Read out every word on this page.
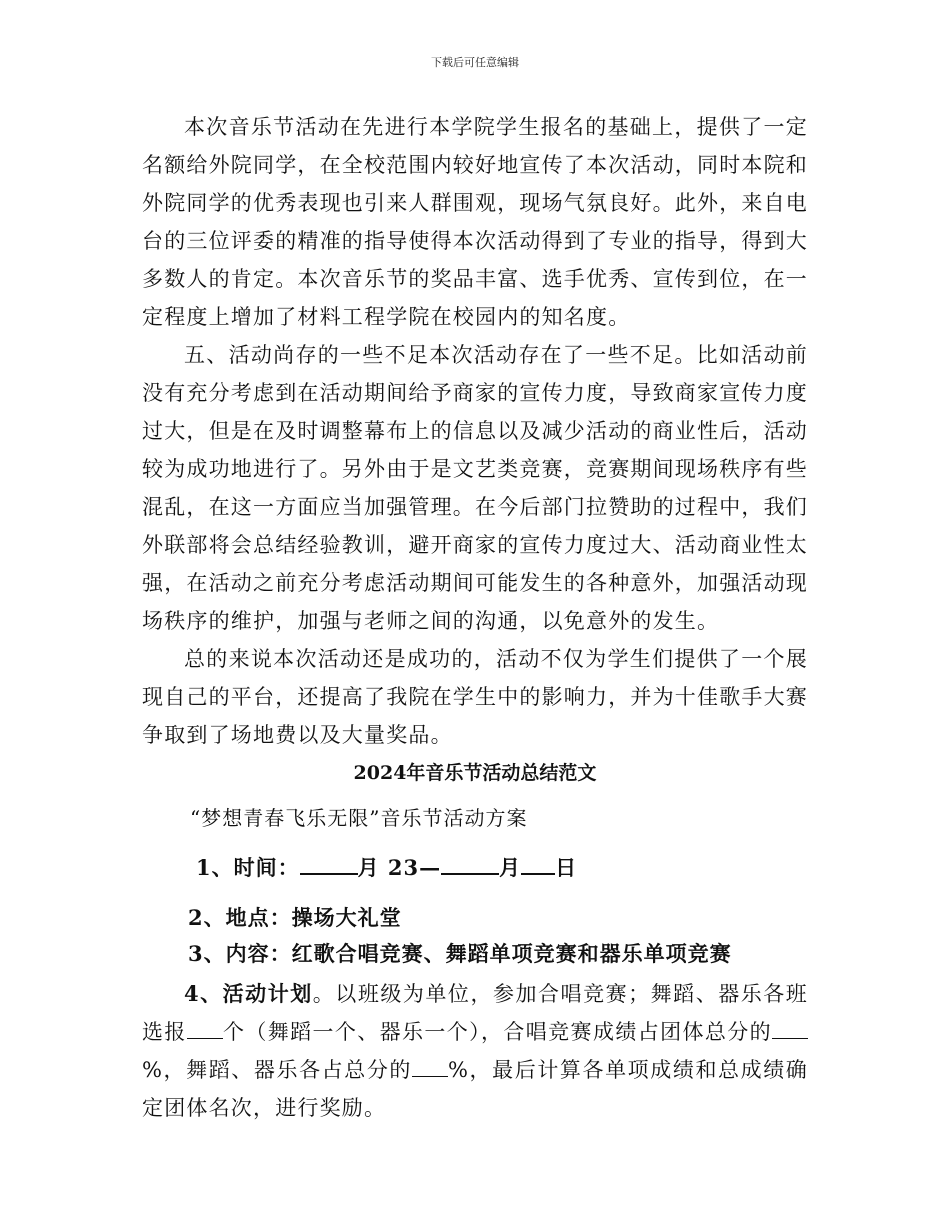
下载后可任意编辑

本次音乐节活动在先进行本学院学生报名的基础上，提供了一定名额给外院同学，在全校范围内较好地宣传了本次活动，同时本院和外院同学的优秀表现也引来人群围观，现场气氛良好。此外，来自电台的三位评委的精准的指导使得本次活动得到了专业的指导，得到大多数人的肯定。本次音乐节的奖品丰富、选手优秀、宣传到位，在一定程度上增加了材料工程学院在校园内的知名度。

五、活动尚存的一些不足本次活动存在了一些不足。比如活动前没有充分考虑到在活动期间给予商家的宣传力度，导致商家宣传力度过大，但是在及时调整幕布上的信息以及减少活动的商业性后，活动较为成功地进行了。另外由于是文艺类竞赛，竞赛期间现场秩序有些混乱，在这一方面应当加强管理。在今后部门拉赞助的过程中，我们外联部将会总结经验教训，避开商家的宣传力度过大、活动商业性太强，在活动之前充分考虑活动期间可能发生的各种意外，加强活动现场秩序的维护，加强与老师之间的沟通，以免意外的发生。

总的来说本次活动还是成功的，活动不仅为学生们提供了一个展现自己的平台，还提高了我院在学生中的影响力，并为十佳歌手大赛争取到了场地费以及大量奖品。

2024年音乐节活动总结范文
“梦想青春飞乐无限”音乐节活动方案
1、时间：	月 23—	月 日
2、地点：操场大礼堂
3、内容：红歌合唱竞赛、舞蹈单项竞赛和器乐单项竞赛

4、活动计划。以班级为单位，参加合唱竞赛；舞蹈、器乐各班选报 个（舞蹈一个、器乐一个），合唱竞赛成绩占团体总分的%，舞蹈、器乐各占总分的 %，最后计算各单项成绩和总成绩确定团体名次，进行奖励。
